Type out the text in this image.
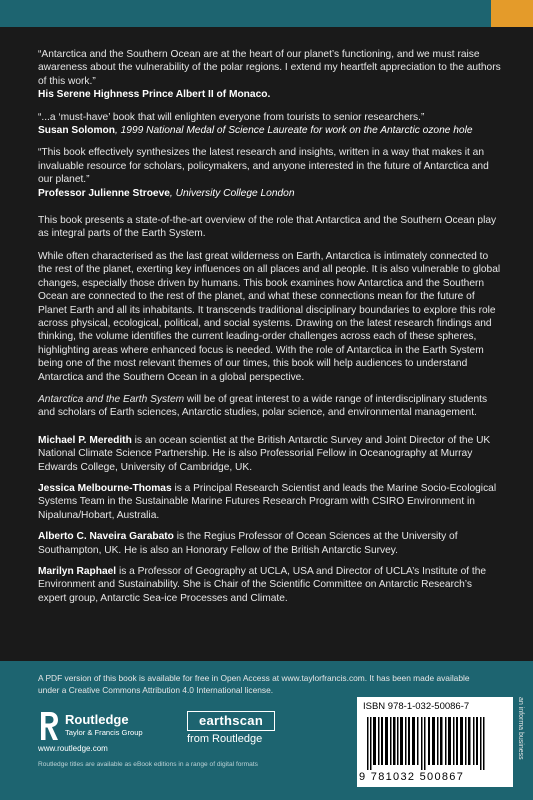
“Antarctica and the Southern Ocean are at the heart of our planet’s functioning, and we must raise awareness about the vulnerability of the polar regions. I extend my heartfelt appreciation to the authors of this work.”
His Serene Highness Prince Albert II of Monaco.

“...a ‘must-have’ book that will enlighten everyone from tourists to senior researchers.”
Susan Solomon, 1999 National Medal of Science Laureate for work on the Antarctic ozone hole

“This book effectively synthesizes the latest research and insights, written in a way that makes it an invaluable resource for scholars, policymakers, and anyone interested in the future of Antarctica and our planet.”
Professor Julienne Stroeve, University College London

This book presents a state-of-the-art overview of the role that Antarctica and the Southern Ocean play as integral parts of the Earth System.

While often characterised as the last great wilderness on Earth, Antarctica is intimately connected to the rest of the planet, exerting key influences on all places and all people. It is also vulnerable to global changes, especially those driven by humans. This book examines how Antarctica and the Southern Ocean are connected to the rest of the planet, and what these connections mean for the future of Planet Earth and all its inhabitants. It transcends traditional disciplinary boundaries to explore this role across physical, ecological, political, and social systems. Drawing on the latest research findings and thinking, the volume identifies the current leading-order challenges across each of these spheres, highlighting areas where enhanced focus is needed. With the role of Antarctica in the Earth System being one of the most relevant themes of our times, this book will help audiences to understand Antarctica and the Southern Ocean in a global perspective.

Antarctica and the Earth System will be of great interest to a wide range of interdisciplinary students and scholars of Earth sciences, Antarctic studies, polar science, and environmental management.

Michael P. Meredith is an ocean scientist at the British Antarctic Survey and Joint Director of the UK National Climate Science Partnership. He is also Professorial Fellow in Oceanography at Murray Edwards College, University of Cambridge, UK.

Jessica Melbourne-Thomas is a Principal Research Scientist and leads the Marine Socio-Ecological Systems Team in the Sustainable Marine Futures Research Program with CSIRO Environment in Nipaluna/Hobart, Australia.

Alberto C. Naveira Garabato is the Regius Professor of Ocean Sciences at the University of Southampton, UK. He is also an Honorary Fellow of the British Antarctic Survey.

Marilyn Raphael is a Professor of Geography at UCLA, USA and Director of UCLA’s Institute of the Environment and Sustainability. She is Chair of the Scientific Committee on Antarctic Research’s expert group, Antarctic Sea-ice Processes and Climate.

A PDF version of this book is available for free in Open Access at www.taylorfrancis.com. It has been made available under a Creative Commons Attribution 4.0 International license.
Routledge
Taylor & Francis Group
www.routledge.com
earthscan
from Routledge
Routledge titles are available as eBook editions in a range of digital formats
ISBN 978-1-032-50086-7
9 781032 500867
an informa business
